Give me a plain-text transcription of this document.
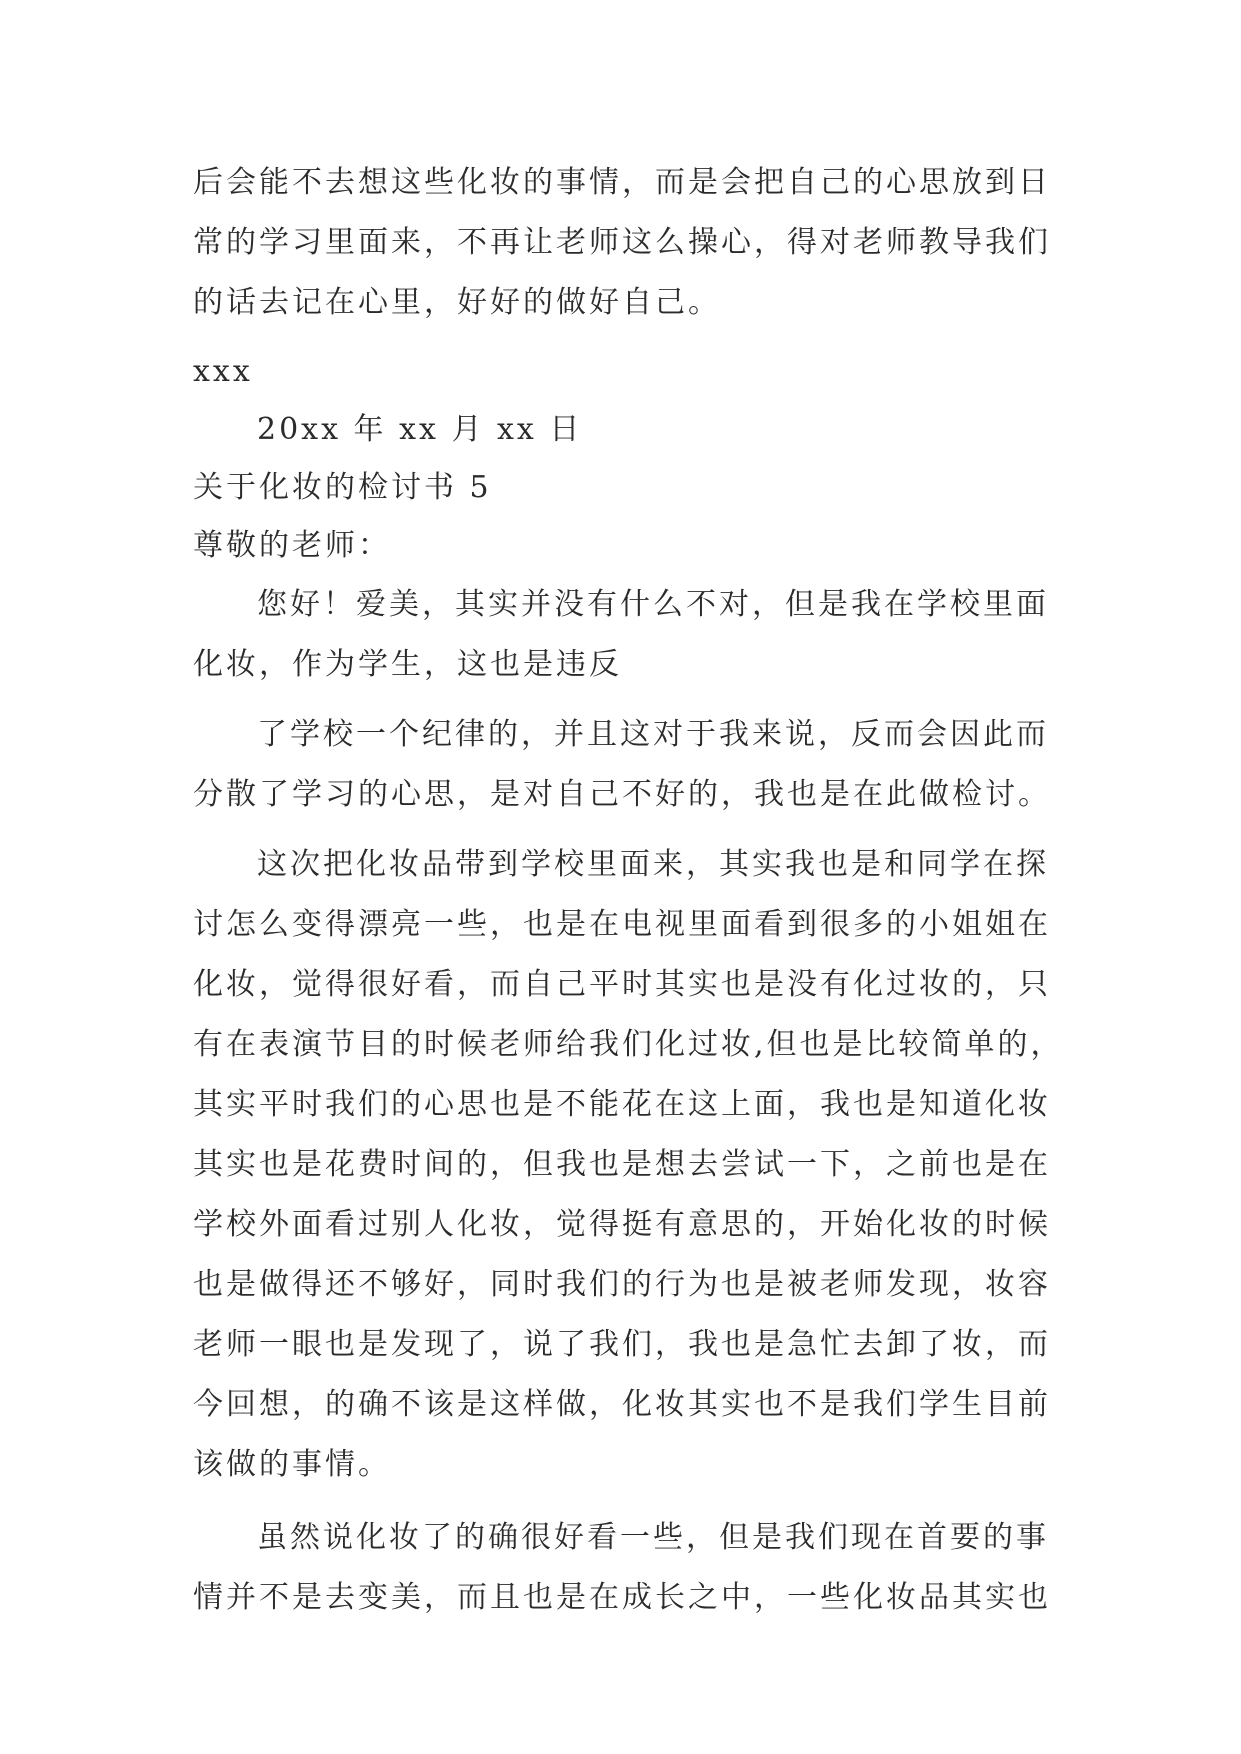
后会能不去想这些化妆的事情，而是会把自己的心思放到日
常的学习里面来，不再让老师这么操心，得对老师教导我们
的话去记在心里，好好的做好自己。
xxx
20xx 年 xx 月 xx 日
关于化妆的检讨书 5
尊敬的老师：
您好！爱美，其实并没有什么不对，但是我在学校里面
化妆，作为学生，这也是违反
了学校一个纪律的，并且这对于我来说，反而会因此而
分散了学习的心思，是对自己不好的，我也是在此做检讨。
这次把化妆品带到学校里面来，其实我也是和同学在探
讨怎么变得漂亮一些，也是在电视里面看到很多的小姐姐在
化妆，觉得很好看，而自己平时其实也是没有化过妆的，只
有在表演节目的时候老师给我们化过妆,但也是比较简单的，
其实平时我们的心思也是不能花在这上面，我也是知道化妆
其实也是花费时间的，但我也是想去尝试一下，之前也是在
学校外面看过别人化妆，觉得挺有意思的，开始化妆的时候
也是做得还不够好，同时我们的行为也是被老师发现，妆容
老师一眼也是发现了，说了我们，我也是急忙去卸了妆，而
今回想，的确不该是这样做，化妆其实也不是我们学生目前
该做的事情。
虽然说化妆了的确很好看一些，但是我们现在首要的事
情并不是去变美，而且也是在成长之中，一些化妆品其实也
